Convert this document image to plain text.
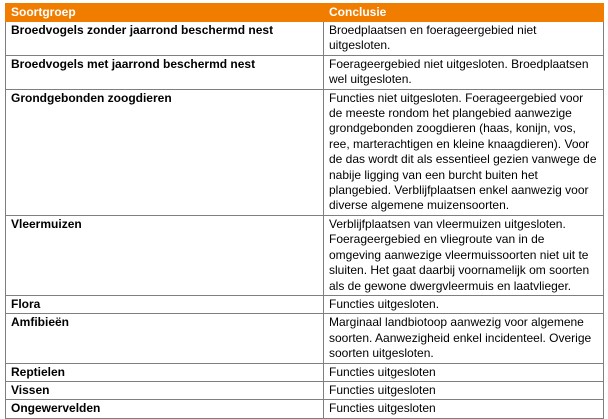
Soortgroep	Conclusie
Broedvogels zonder jaarrond beschermd nest	Broedplaatsen en foerageergebied niet uitgesloten.
Broedvogels met jaarrond beschermd nest	Foerageergebied niet uitgesloten. Broedplaatsen wel uitgesloten.
Grondgebonden zoogdieren	Functies niet uitgesloten. Foerageergebied voor de meeste rondom het plangebied aanwezige grondgebonden zoogdieren (haas, konijn, vos, ree, marterachtigen en kleine knaagdieren). Voor de das wordt dit als essentieel gezien vanwege de nabije ligging van een burcht buiten het plangebied. Verblijfplaatsen enkel aanwezig voor diverse algemene muizensoorten.
Vleermuizen	Verblijfplaatsen van vleermuizen uitgesloten. Foerageergebied en vliegroute van in de omgeving aanwezige vleermuissoorten niet uit te sluiten. Het gaat daarbij voornamelijk om soorten als de gewone dwergvleermuis en laatvlieger.
Flora	Functies uitgesloten.
Amfibieën	Marginaal landbiotoop aanwezig voor algemene soorten. Aanwezigheid enkel incidenteel. Overige soorten uitgesloten.
Reptielen	Functies uitgesloten
Vissen	Functies uitgesloten
Ongewervelden	Functies uitgesloten
